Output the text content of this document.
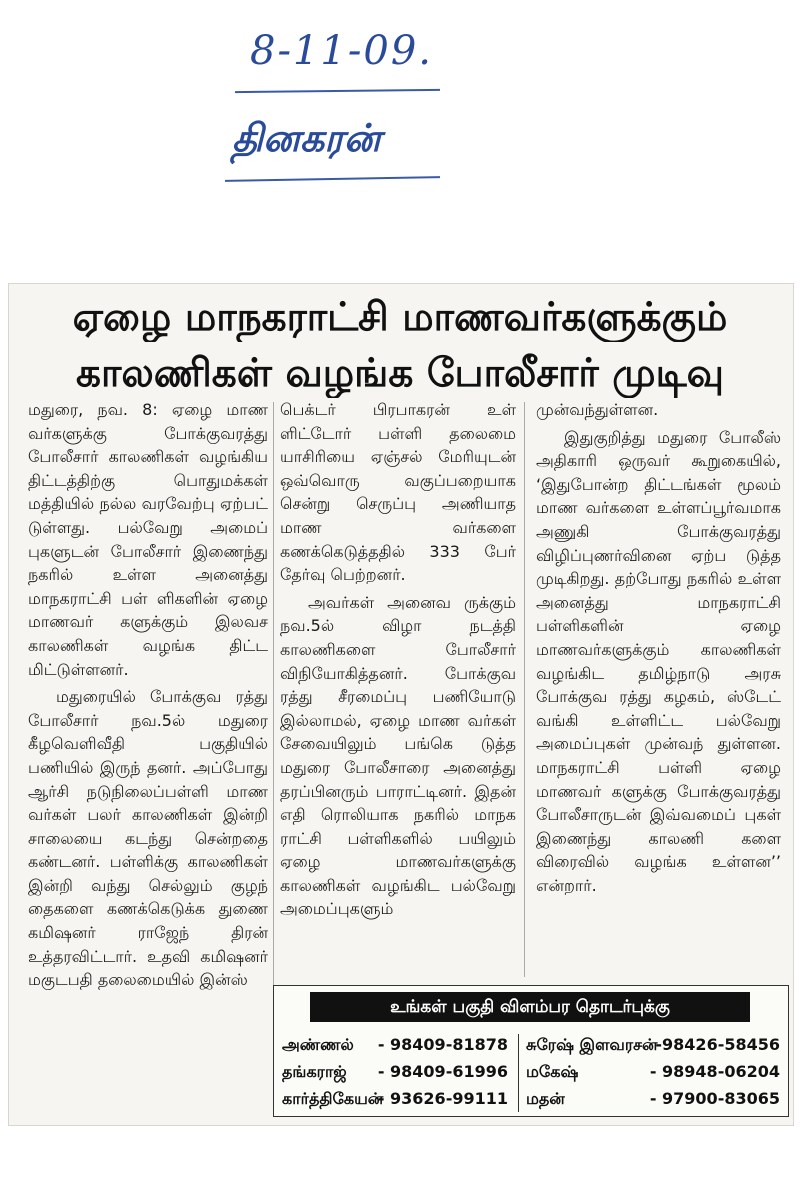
8-11-09.
தினகரன்
ஏழை மாநகராட்சி மாணவர்களுக்கும்
காலணிகள் வழங்க போலீசார் முடிவு

மதுரை, நவ. 8: ஏழை மாண வர்களுக்கு போக்குவரத்து போலீசார் காலணிகள் வழங்கிய திட்டத்திற்கு பொதுமக்கள் மத்தியில் நல்ல வரவேற்பு ஏற்பட் டுள்ளது. பல்வேறு அமைப் புகளுடன் போலீசார் இணைந்து நகரில் உள்ள அனைத்து மாநகராட்சி பள் ளிகளின் ஏழை மாணவர் களுக்கும் இலவச காலணிகள் வழங்க திட்ட மிட்டுள்ளனர்.

மதுரையில் போக்குவ ரத்து போலீசார் நவ.5ல் மதுரை கீழவெளிவீதி பகுதியில் பணியில் இருந் தனர். அப்போது ஆர்சி நடுநிலைப்பள்ளி மாண வர்கள் பலர் காலணிகள் இன்றி சாலையை கடந்து சென்றதை கண்டனர். பள்ளிக்கு காலணிகள் இன்றி வந்து செல்லும் குழந் தைகளை கணக்கெடுக்க துணை கமிஷனர் ராஜேந் திரன் உத்தரவிட்டார். உதவி கமிஷனர் மகுடபதி தலைமையில் இன்ஸ்

பெக்டர் பிரபாகரன் உள் ளிட்டோர் பள்ளி தலைமை யாசிரியை ஏஞ்சல் மேரியுடன் ஒவ்வொரு வகுப்பறையாக சென்று செருப்பு அணியாத மாண வர்களை கணக்கெடுத்ததில் 333 பேர் தேர்வு பெற்றனர்.

அவர்கள் அனைவ ருக்கும் நவ.5ல் விழா நடத்தி காலணிகளை போலீசார் விநியோகித்தனர். போக்குவ ரத்து சீரமைப்பு பணியோடு இல்லாமல், ஏழை மாண வர்கள் சேவையிலும் பங்கெ டுத்த மதுரை போலீசாரை அனைத்து தரப்பினரும் பாராட்டினர். இதன் எதி ரொலியாக நகரில் மாநக ராட்சி பள்ளிகளில் பயிலும் ஏழை மாணவர்களுக்கு காலணிகள் வழங்கிட பல்வேறு அமைப்புகளும்

முன்வந்துள்ளன.

இதுகுறித்து மதுரை போலீஸ் அதிகாரி ஒருவர் கூறுகையில், ‘இதுபோன்ற திட்டங்கள் மூலம் மாண வர்களை உள்ளப்பூர்வமாக அணுகி போக்குவரத்து விழிப்புணர்வினை ஏற்ப டுத்த முடிகிறது. தற்போது நகரில் உள்ள அனைத்து மாநகராட்சி பள்ளிகளின் ஏழை மாணவர்களுக்கும் காலணிகள் வழங்கிட தமிழ்நாடு அரசு போக்குவ ரத்து கழகம், ஸ்டேட் வங்கி உள்ளிட்ட பல்வேறு அமைப்புகள் முன்வந் துள்ளன. மாநகராட்சி பள்ளி ஏழை மாணவர் களுக்கு போக்குவரத்து போலீசாருடன் இவ்வமைப் புகள் இணைந்து காலணி களை விரைவில் வழங்க உள்ளன’’ என்றார்.

உங்கள் பகுதி விளம்பர தொடர்புக்கு
அண்ணல் - 98409-81878
தங்கராஜ் - 98409-61996
கார்த்திகேயன்
- 93626-99111
சுரேஷ் இளவரசன்
-98426-58456
மகேஷ்	- 98948-06204
மதன்	- 97900-83065
